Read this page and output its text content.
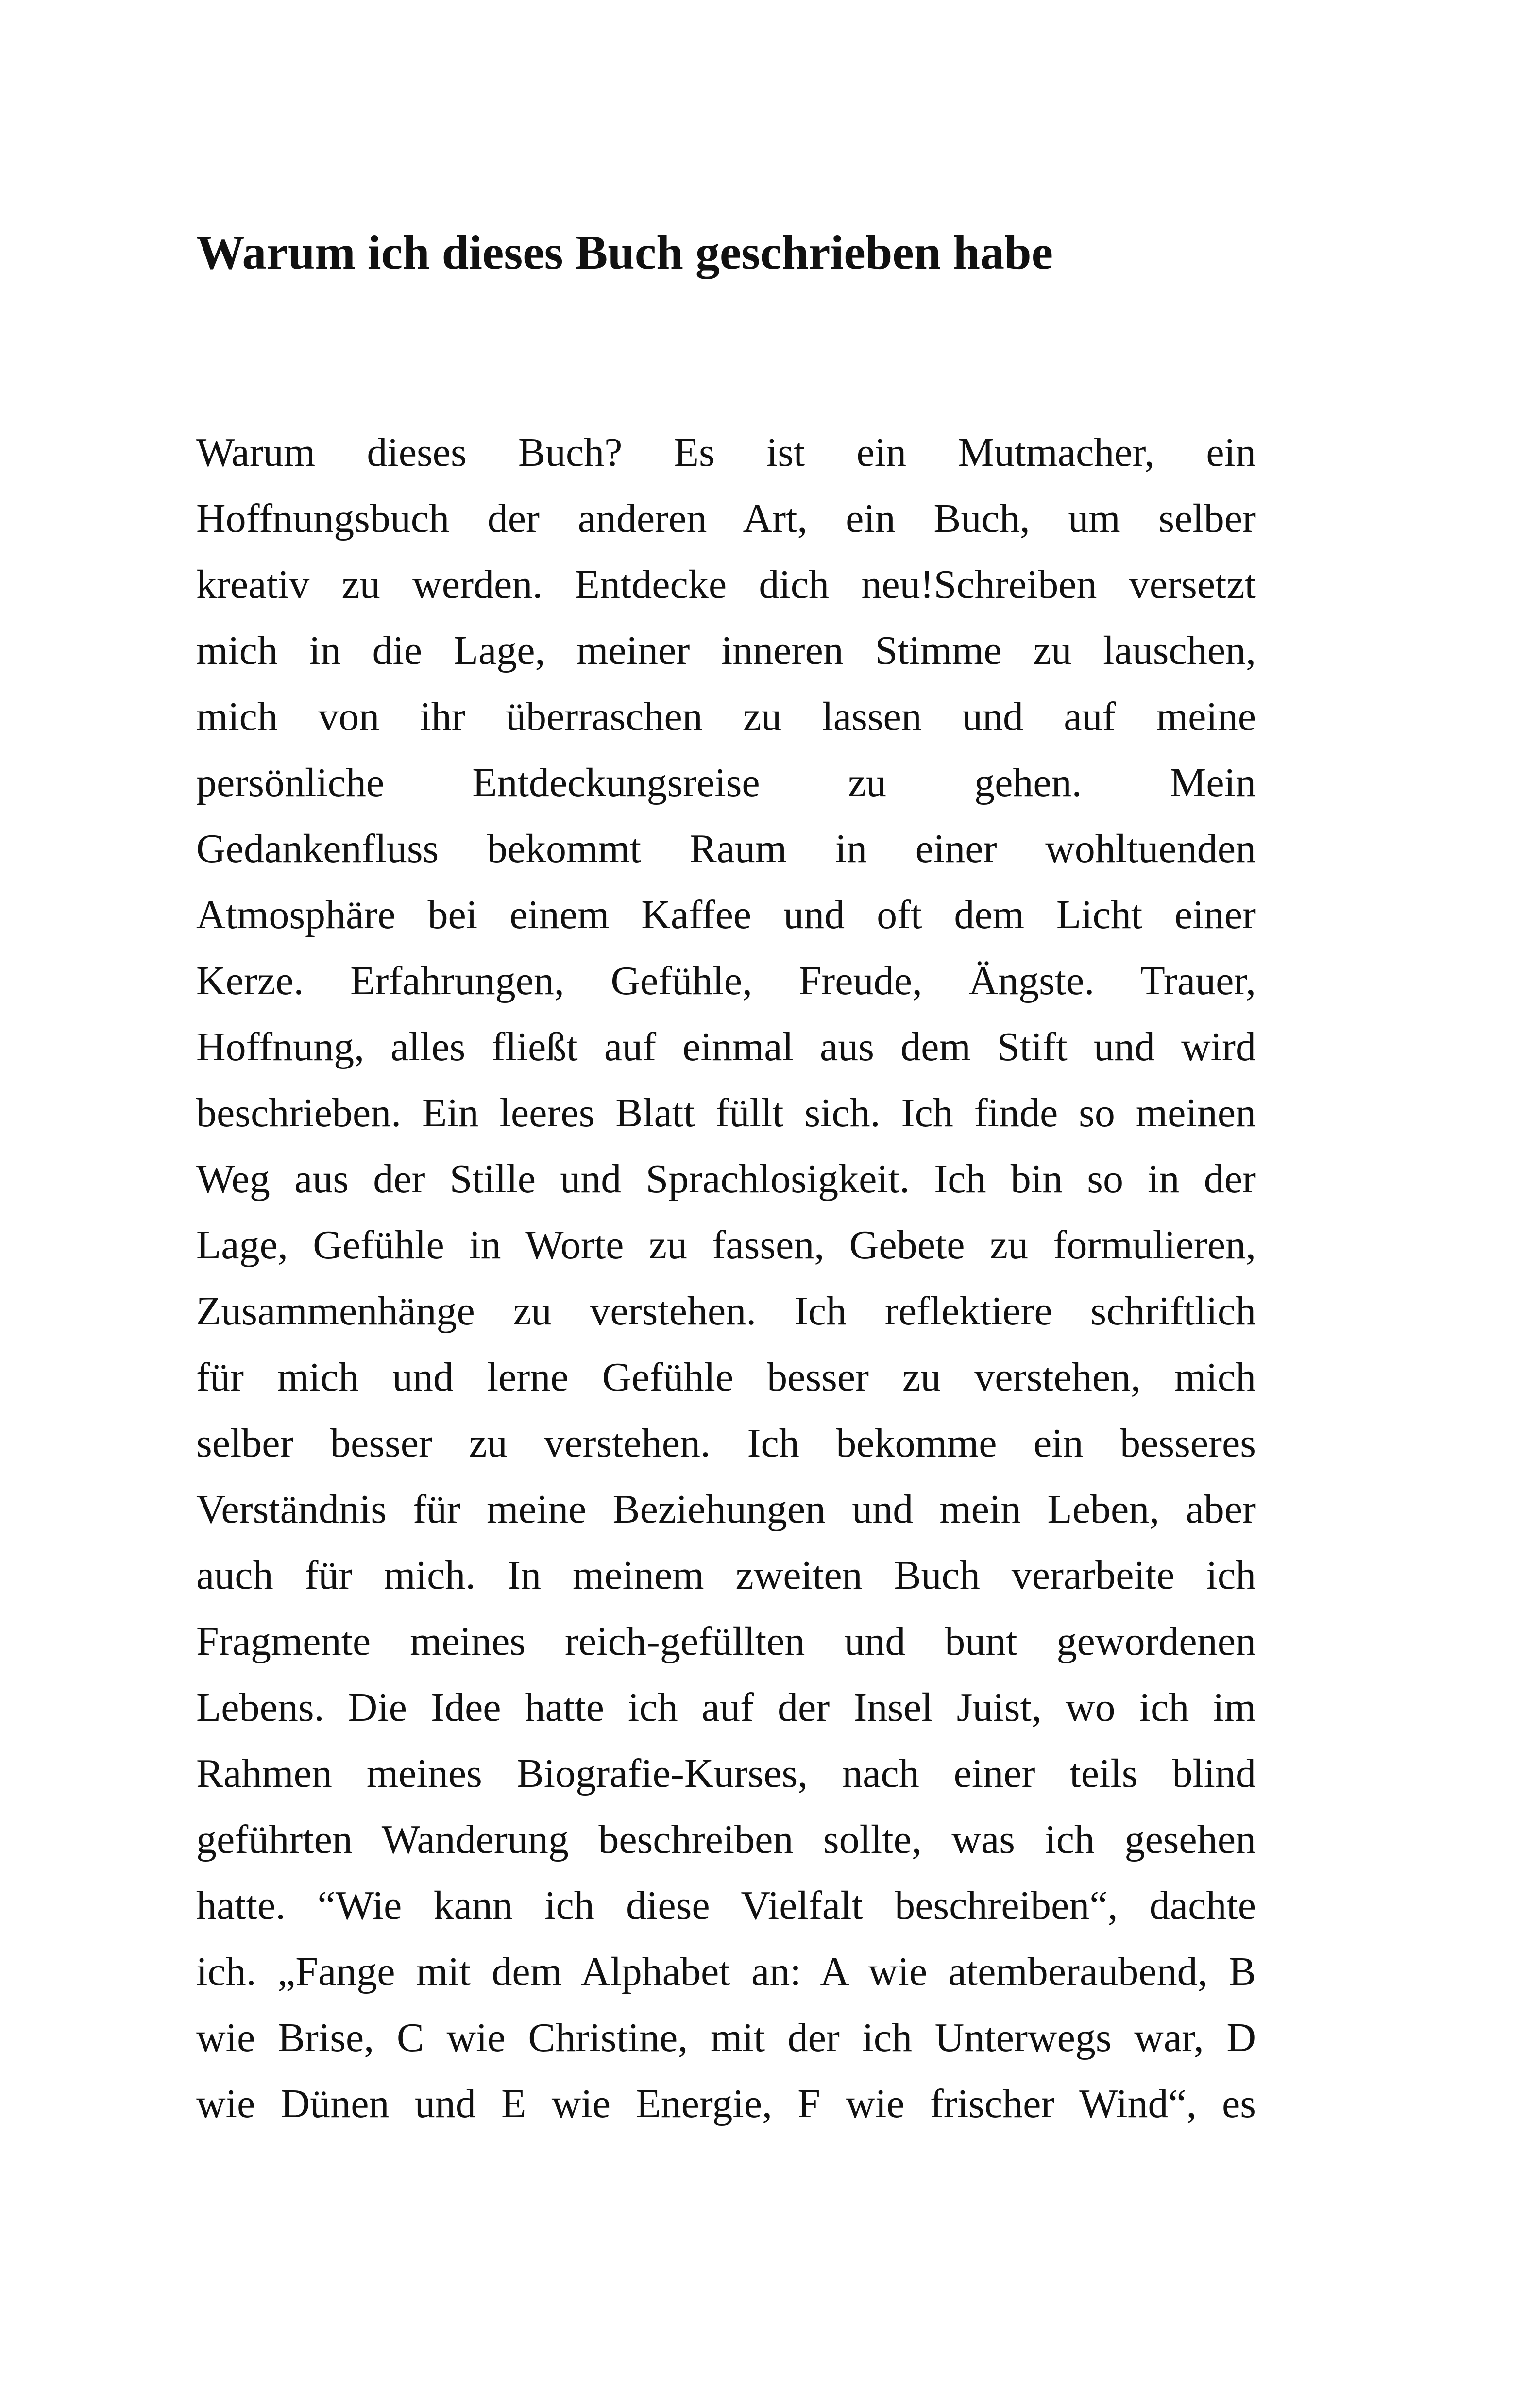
Warum ich dieses Buch geschrieben habe
Warum dieses Buch? Es ist ein Mutmacher, ein
Hoffnungsbuch der anderen Art, ein Buch, um selber
kreativ zu werden. Entdecke dich neu!Schreiben versetzt
mich in die Lage, meiner inneren Stimme zu lauschen,
mich von ihr überraschen zu lassen und auf meine
persönliche Entdeckungsreise zu gehen. Mein
Gedankenfluss bekommt Raum in einer wohltuenden
Atmosphäre bei einem Kaffee und oft dem Licht einer
Kerze. Erfahrungen, Gefühle, Freude, Ängste. Trauer,
Hoffnung, alles fließt auf einmal aus dem Stift und wird
beschrieben. Ein leeres Blatt füllt sich. Ich finde so meinen
Weg aus der Stille und Sprachlosigkeit. Ich bin so in der
Lage, Gefühle in Worte zu fassen, Gebete zu formulieren,
Zusammenhänge zu verstehen. Ich reflektiere schriftlich
für mich und lerne Gefühle besser zu verstehen, mich
selber besser zu verstehen. Ich bekomme ein besseres
Verständnis für meine Beziehungen und mein Leben, aber
auch für mich. In meinem zweiten Buch verarbeite ich
Fragmente meines reich-gefüllten und bunt gewordenen
Lebens. Die Idee hatte ich auf der Insel Juist, wo ich im
Rahmen meines Biografie-Kurses, nach einer teils blind
geführten Wanderung beschreiben sollte, was ich gesehen
hatte. “Wie kann ich diese Vielfalt beschreiben“, dachte
ich. „Fange mit dem Alphabet an: A wie atemberaubend, B
wie Brise, C wie Christine, mit der ich Unterwegs war, D
wie Dünen und E wie Energie, F wie frischer Wind“, es
